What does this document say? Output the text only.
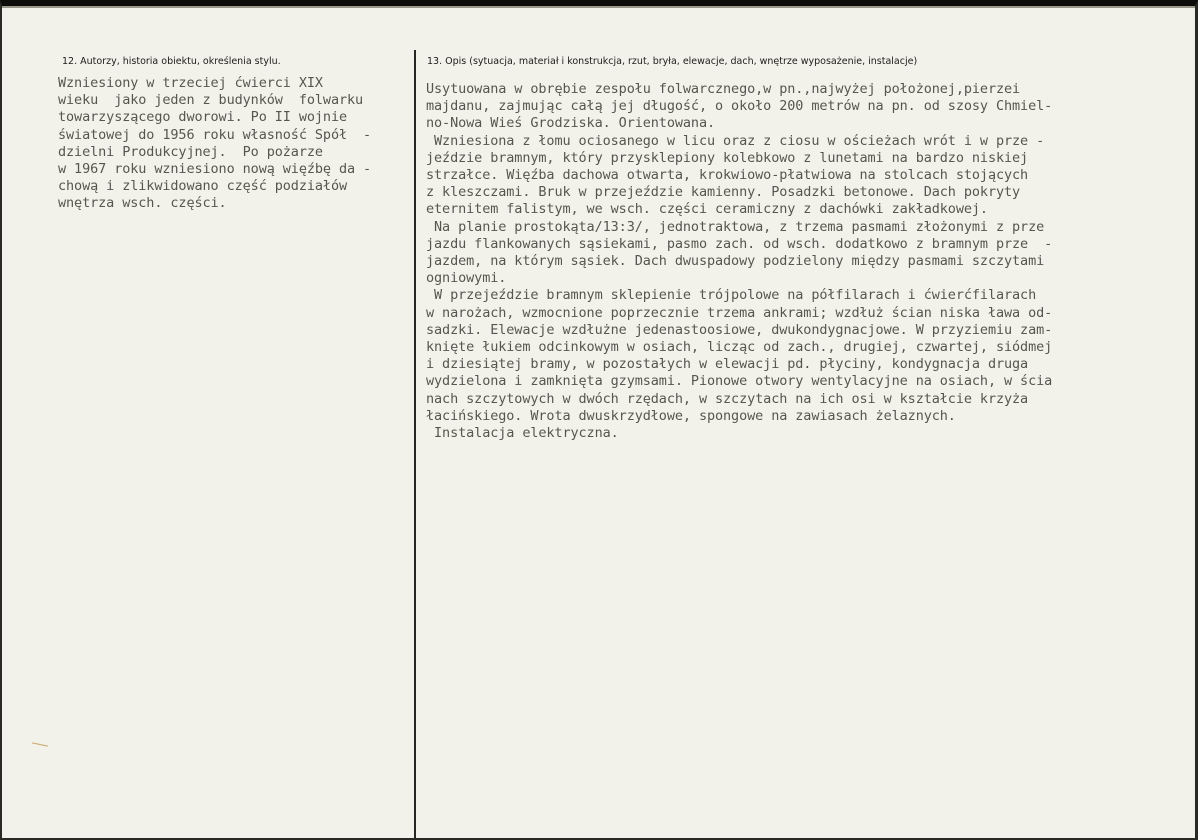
12. Autorzy, historia obiektu, określenia stylu.	13. Opis (sytuacja, materiał i konstrukcja, rzut, bryła, elewacje, dach, wnętrze wyposażenie, instalacje)
Wzniesiony w trzeciej ćwierci XIX
wieku  jako jeden z budynków  folwarku
towarzyszącego dworowi. Po II wojnie
światowej do 1956 roku własność Spół  -
dzielni Produkcyjnej.  Po pożarze
w 1967 roku wzniesiono nową więźbę da -
chową i zlikwidowano część podziałów
wnętrza wsch. części.
Usytuowana w obrębie zespołu folwarcznego,w pn.,najwyżej położonej,pierzei
majdanu, zajmując całą jej długość, o około 200 metrów na pn. od szosy Chmiel-
no-Nowa Wieś Grodziska. Orientowana.
Wzniesiona z łomu ociosanego w licu oraz z ciosu w ościeżach wrót i w prze -
jeździe bramnym, który przysklepiony kolebkowo z lunetami na bardzo niskiej
strzałce. Więźba dachowa otwarta, krokwiowo-płatwiowa na stolcach stojących
z kleszczami. Bruk w przejeździe kamienny. Posadzki betonowe. Dach pokryty
eternitem falistym, we wsch. części ceramiczny z dachówki zakładkowej.
Na planie prostokąta/13:3/, jednotraktowa, z trzema pasmami złożonymi z prze
jazdu flankowanych sąsiekami, pasmo zach. od wsch. dodatkowo z bramnym prze  -
jazdem, na którym sąsiek. Dach dwuspadowy podzielony między pasmami szczytami
ogniowymi.
W przejeździe bramnym sklepienie trójpolowe na półfilarach i ćwierćfilarach
w narożach, wzmocnione poprzecznie trzema ankrami; wzdłuż ścian niska ława od-
sadzki. Elewacje wzdłużne jedenastoosiowe, dwukondygnacjowe. W przyziemiu zam-
knięte łukiem odcinkowym w osiach, licząc od zach., drugiej, czwartej, siódmej
i dziesiątej bramy, w pozostałych w elewacji pd. płyciny, kondygnacja druga
wydzielona i zamknięta gzymsami. Pionowe otwory wentylacyjne na osiach, w ścia
nach szczytowych w dwóch rzędach, w szczytach na ich osi w kształcie krzyża
łacińskiego. Wrota dwuskrzydłowe, spongowe na zawiasach żelaznych.
Instalacja elektryczna.
